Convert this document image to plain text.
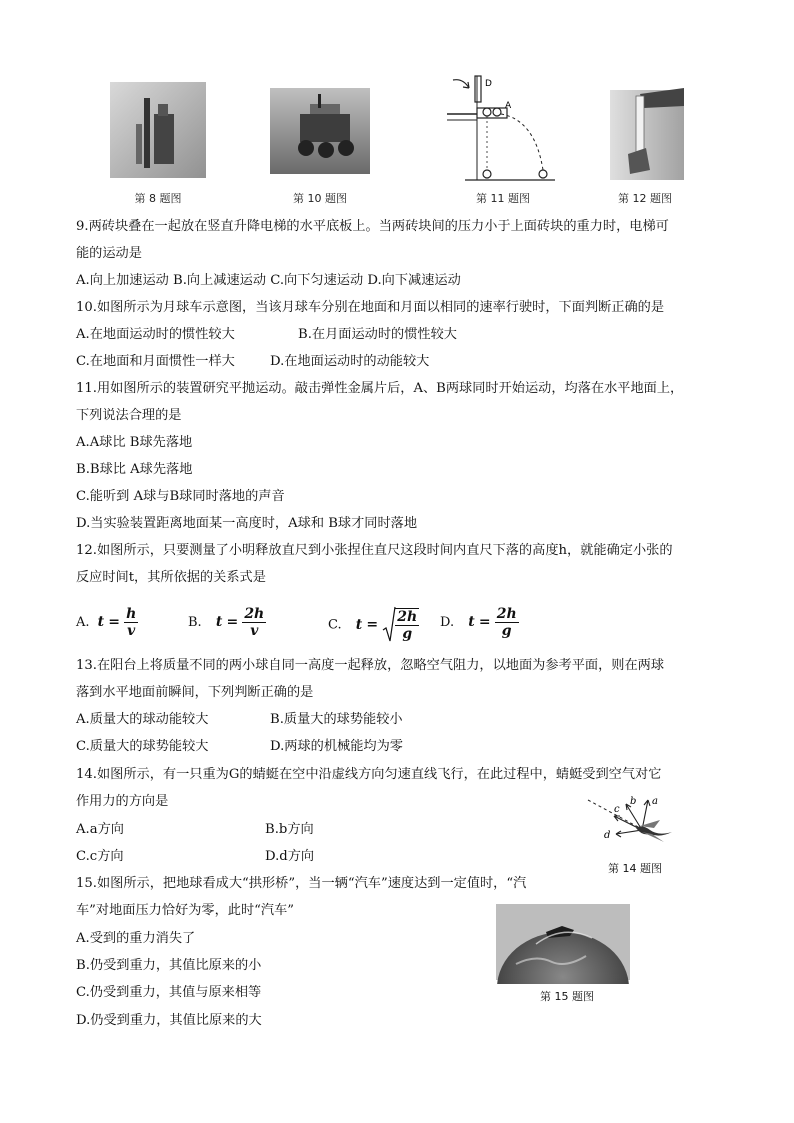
第 8 题图	第 10 题图
D
A
第 11 题图	第 12 题图
9.两砖块叠在一起放在竖直升降电梯的水平底板上。当两砖块间的压力小于上面砖块的重力时，电梯可
能的运动是
A.向上加速运动 B.向上减速运动 C.向下匀速运动 D.向下减速运动
10.如图所示为月球车示意图，当该月球车分别在地面和月面以相同的速率行驶时，下面判断正确的是
A.在地面运动时的惯性较大	B.在月面运动时的惯性较大
C.在地面和月面惯性一样大	D.在地面运动时的动能较大
11.用如图所示的装置研究平抛运动。敲击弹性金属片后，A、B两球同时开始运动，均落在水平地面上，
下列说法合理的是
A.A球比 B球先落地
B.B球比 A球先落地
C.能听到 A球与B球同时落地的声音
D.当实验装置距离地面某一高度时，A球和 B球才同时落地
12.如图所示，只要测量了小明释放直尺到小张捏住直尺这段时间内直尺下落的高度h，就能确定小张的
反应时间t，其所依据的关系式是
A. $t = \frac{h}{v}$	B. $t = \frac{2h}{v}$	C. $t = \frac{2h}{g} D$. $t = \frac{2h}{g}$
13.在阳台上将质量不同的两小球自同一高度一起释放，忽略空气阻力，以地面为参考平面，则在两球
落到水平地面前瞬间，下列判断正确的是
A.质量大的球动能较大	B.质量大的球势能较小
C.质量大的球势能较大	D.两球的机械能均为零
14.如图所示，有一只重为G的蜻蜓在空中沿虚线方向匀速直线飞行，在此过程中，蜻蜓受到空气对它
作用力的方向是
A.a方向	B.b方向
C.c方向	D.d方向
a
b
c
d
第 14 题图
15.如图所示，把地球看成大“拱形桥”，当一辆“汽车”速度达到一定值时，“汽
车”对地面压力恰好为零，此时“汽车”
A.受到的重力消失了
B.仍受到重力，其值比原来的小
C.仍受到重力，其值与原来相等
D.仍受到重力，其值比原来的大
第 15 题图
